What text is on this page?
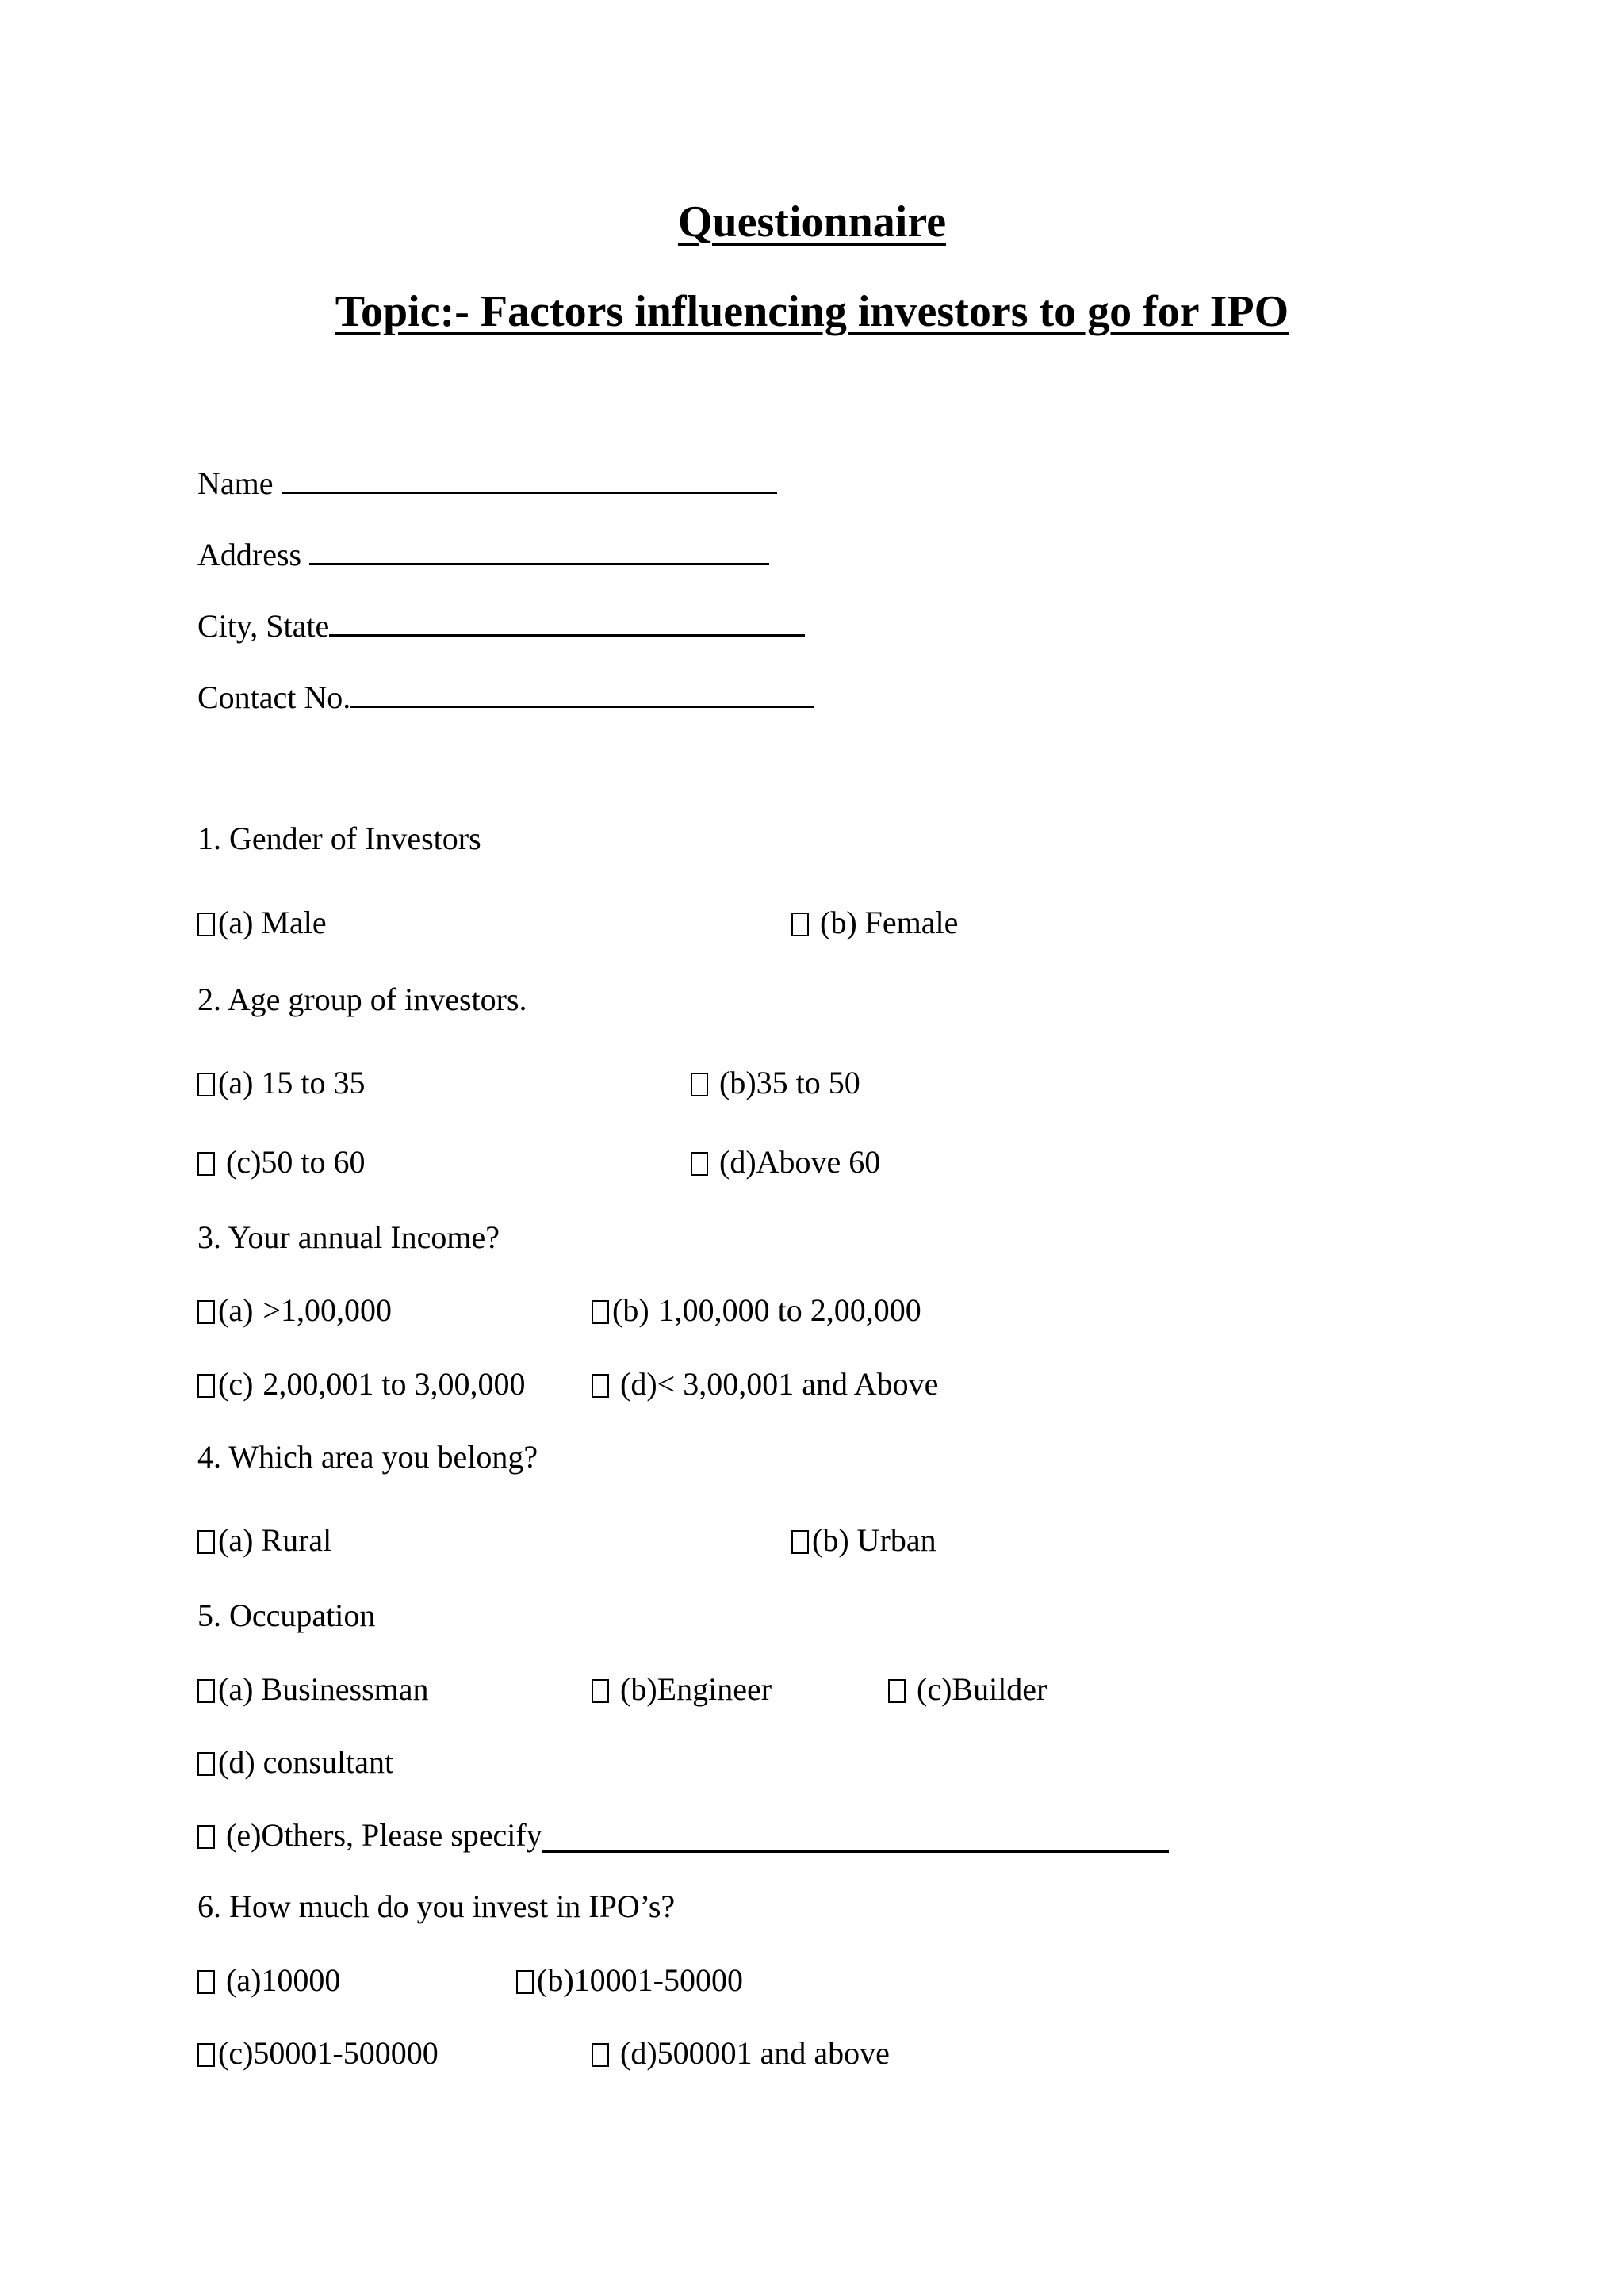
Questionnaire
Topic:- Factors influencing investors to go for IPO
Name
Address
City, State
Contact No.
1. Gender of Investors
(a) Male	(b) Female
2. Age group of investors.
(a) 15 to 35	(b)35 to 50
(c)50 to 60	(d)Above 60
3. Your annual Income?
(a) >1,00,000	(b) 1,00,000 to 2,00,000
(c) 2,00,001 to 3,00,000	(d) < 3,00,001 and Above
4. Which area you belong?
(a) Rural	(b) Urban
5. Occupation
(a) Businessman	(b)Engineer	(c)Builder
(d) consultant
(e)Others, Please specify
6. How much do you invest in IPO’s?
(a)10000	(b)10001-50000
(c)50001-500000	(d)500001 and above
